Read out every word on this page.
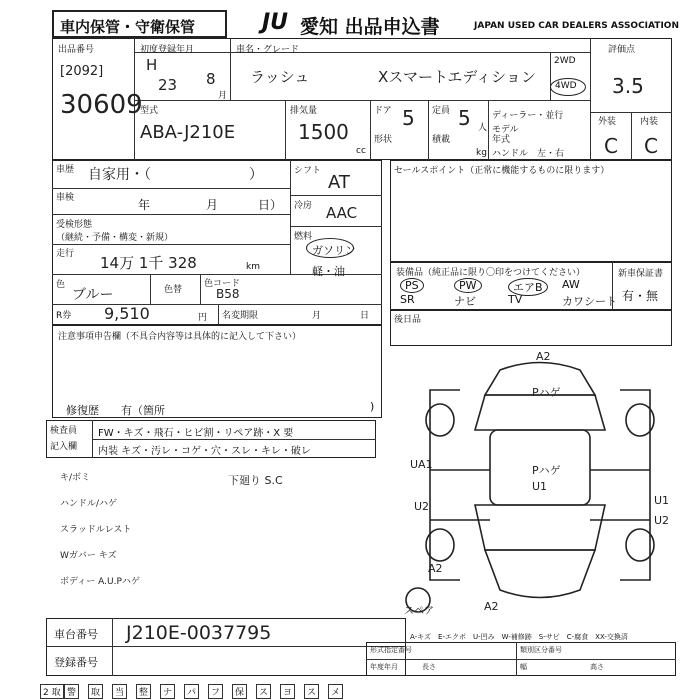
車内保管・守衛保管	JU 愛知 出品申込書	JAPAN USED CAR DEALERS ASSOCIATION
出品番号
[2092]
30609
初度登録年月
H
23 8
月
車名・グレード
ラッシュ	Xスマートエディション
2WD
4WD
評価点
3.5
型式
ABA-J210E
排気量
1500
cc
ドア 5
形状
定員 5 人
積載
kg
ディーラー・並行
モデル
年式
ハンドル　左・右
外装	内装
C C
車歴 自家用・（　　　　　　　）
車検	年	月	日）
受検形態
（継続・予備・構変・新規）
走行 14万 1千 328	km
色
ブルー	色替
色コード
B58
R券 9,510	円 名変期限	月	日
シフト
AT
冷房 AAC
燃料
ガソリン
軽・油
セールスポイント（正常に機能するものに限ります）
装備品（純正品に限り〇印をつけてください）	新車保証書
有・無
PS	PW	エアB	AW
SR	ナビ	TV	カワシート
後日品
注意事項申告欄（不具合内容等は具体的に記入して下さい）
修復歴　　有（箇所	)
検査員
記入欄
FW・キズ・飛石・ヒビ割・リペア跡・X 要
内装 キズ・汚レ・コゲ・穴・スレ・キレ・破レ
キ/ボミ
ハンドル/ハゲ
スラッドルレスト
Wガバー キズ
ボディー A.U.Pハゲ
下廻り S.C
A2
Pハゲ
Pハゲ
U1
U1
UA1
U2
U2
A2
A2
スペア
車台番号 J210E-0037795
登録番号
A-キズ　E-エクボ　U-凹み　W-補修跡　S-サビ　C-腐食　XX-交換済
形式指定番号	類別区分番号
年度年月	長さ	幅	高さ
2 取 警	取	当	整	ナ	パ	フ	保	ス	ヨ	ス	メ
